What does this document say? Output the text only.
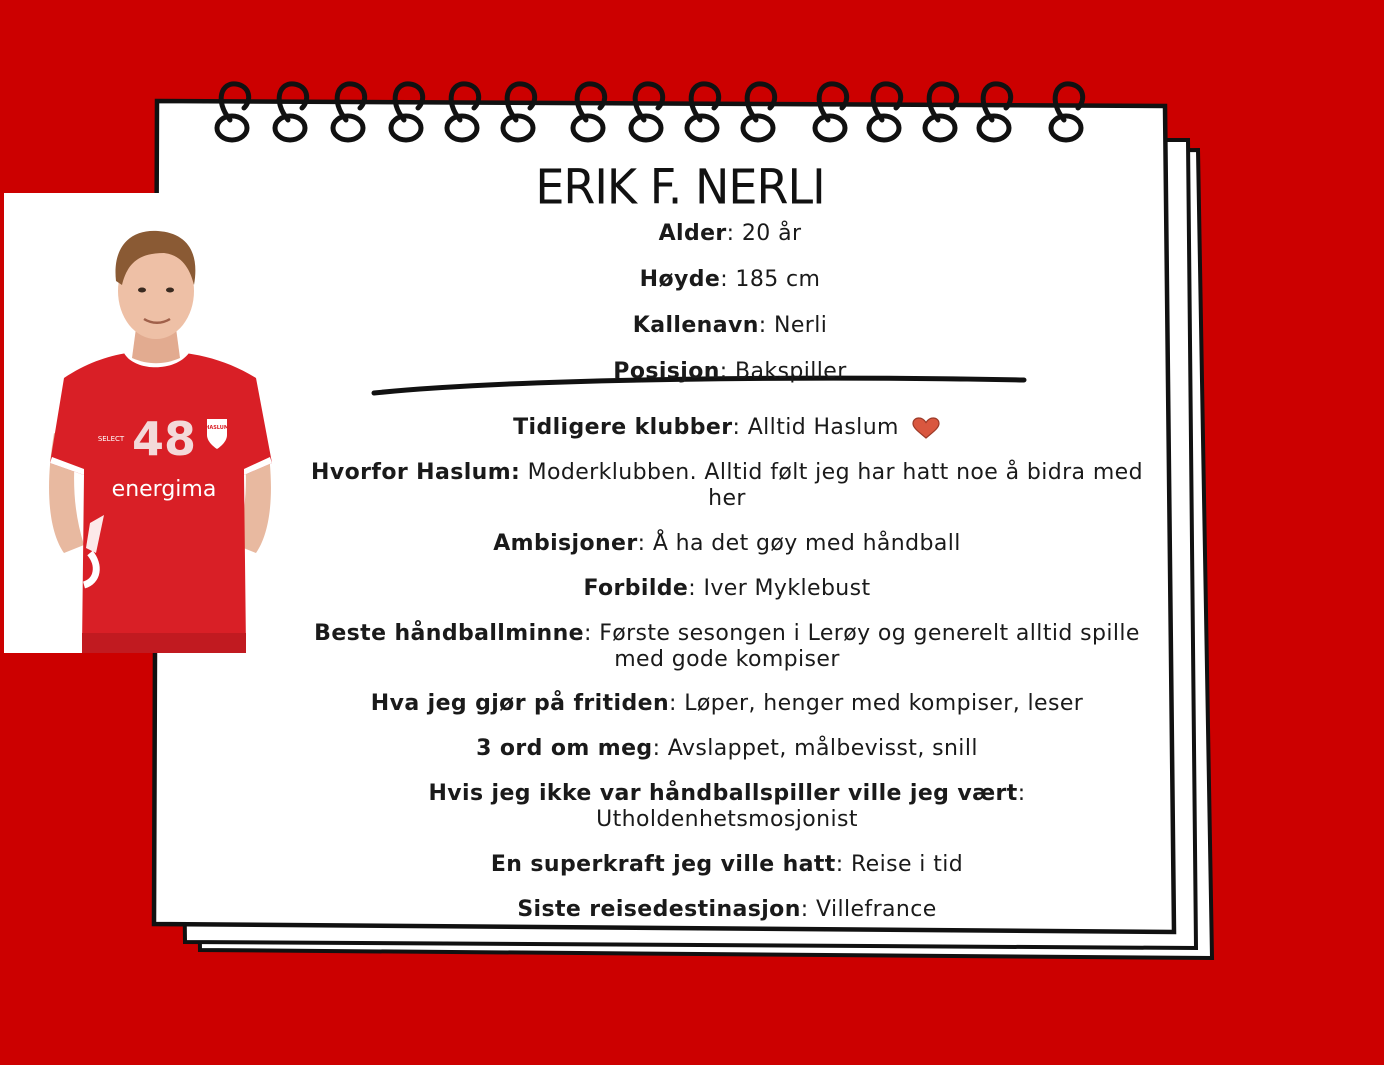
HASLUM
SELECT 48
energima
ERIK F. NERLI
Alder: 20 år
Høyde: 185 cm
Kallenavn: Nerli
Posisjon: Bakspiller
Tidligere klubber: Alltid Haslum
Hvorfor Haslum: Moderklubben. Alltid følt jeg har hatt noe å bidra med her
Ambisjoner: Å ha det gøy med håndball
Forbilde: Iver Myklebust
Beste håndballminne: Første sesongen i Lerøy og generelt alltid spille med gode kompiser
Hva jeg gjør på fritiden: Løper, henger med kompiser, leser
3 ord om meg: Avslappet, målbevisst, snill
Hvis jeg ikke var håndballspiller ville jeg vært:
Utholdenhetsmosjonist
En superkraft jeg ville hatt: Reise i tid
Siste reisedestinasjon: Villefrance
